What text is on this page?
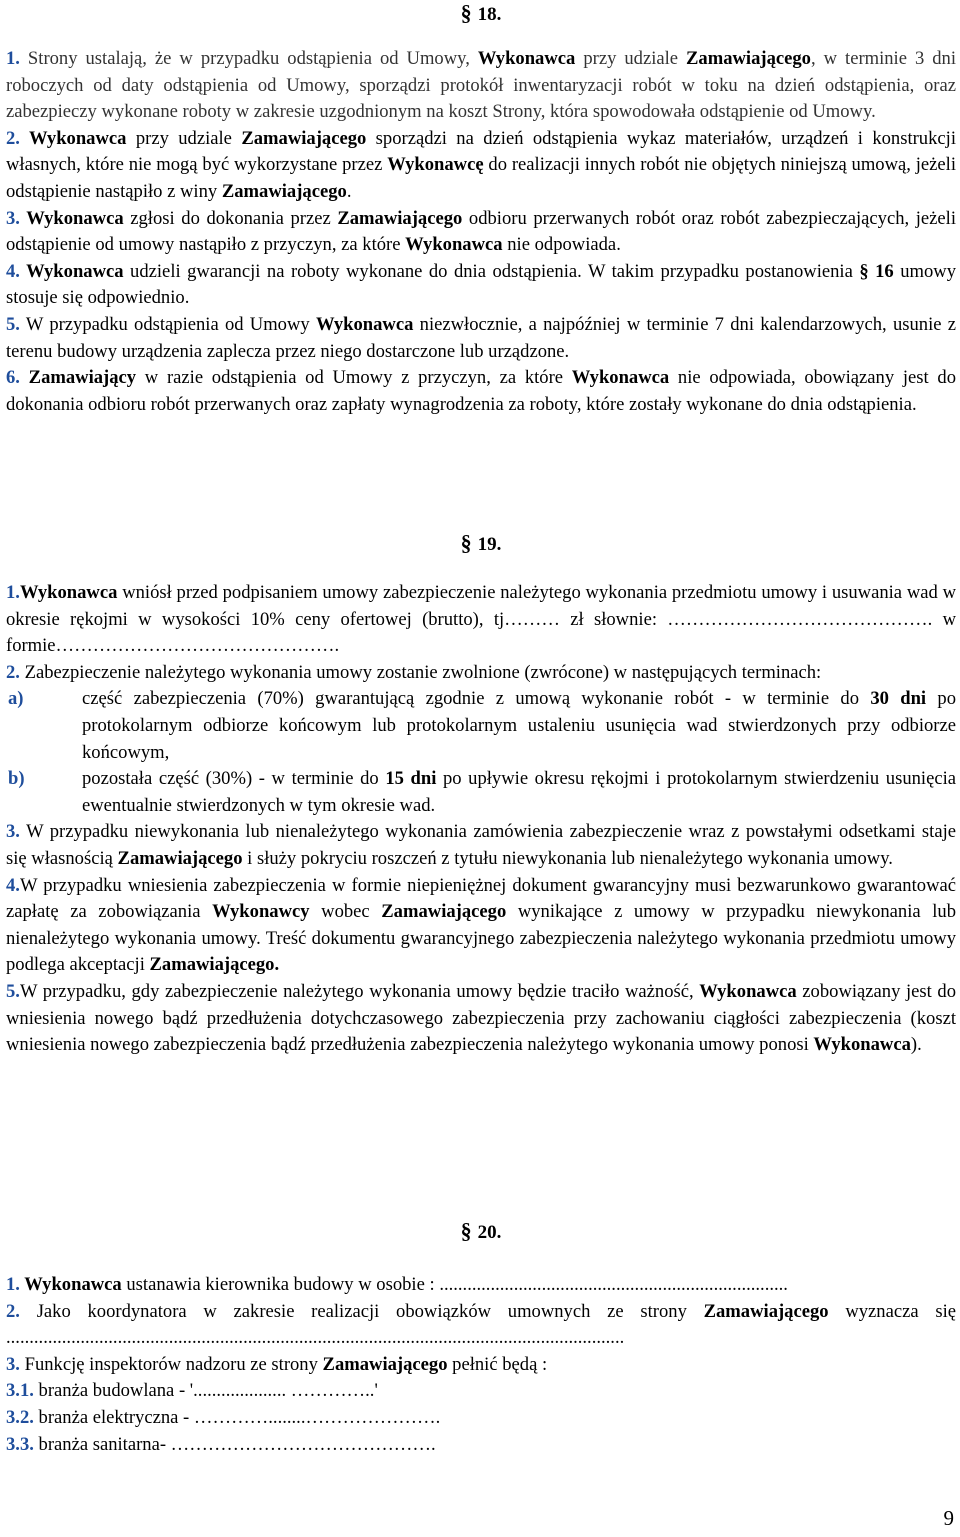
§ 18.

1. Strony ustalają, że w przypadku odstąpienia od Umowy, Wykonawca przy udziale Zamawiającego, w terminie 3 dni roboczych od daty odstąpienia od Umowy, sporządzi protokół inwentaryzacji robót w toku na dzień odstąpienia, oraz zabezpieczy wykonane roboty w zakresie uzgodnionym na koszt Strony, która spowodowała odstąpienie od Umowy.

2. Wykonawca przy udziale Zamawiającego sporządzi na dzień odstąpienia wykaz materiałów, urządzeń i konstrukcji własnych, które nie mogą być wykorzystane przez Wykonawcę do realizacji innych robót nie objętych niniejszą umową, jeżeli odstąpienie nastąpiło z winy Zamawiającego.

3. Wykonawca zgłosi do dokonania przez Zamawiającego odbioru przerwanych robót oraz robót zabezpieczających, jeżeli odstąpienie od umowy nastąpiło z przyczyn, za które Wykonawca nie odpowiada.

4. Wykonawca udzieli gwarancji na roboty wykonane do dnia odstąpienia. W takim przypadku postanowienia § 16 umowy stosuje się odpowiednio.

5. W przypadku odstąpienia od Umowy Wykonawca niezwłocznie, a najpóźniej w terminie 7 dni kalendarzowych, usunie z terenu budowy urządzenia zaplecza przez niego dostarczone lub urządzone.

6. Zamawiający w razie odstąpienia od Umowy z przyczyn, za które Wykonawca nie odpowiada, obowiązany jest do dokonania odbioru robót przerwanych oraz zapłaty wynagrodzenia za roboty, które zostały wykonane do dnia odstąpienia.

§ 19.

1.Wykonawca wniósł przed podpisaniem umowy zabezpieczenie należytego wykonania przedmiotu umowy i usuwania wad w okresie rękojmi w wysokości 10% ceny ofertowej (brutto), tj……… zł słownie: ……………………………………. w formie……………………………………….

2. Zabezpieczenie należytego wykonania umowy zostanie zwolnione (zwrócone) w następujących terminach:

a)	część zabezpieczenia (70%) gwarantującą zgodnie z umową wykonanie robót - w terminie do 30 dni po protokolarnym odbiorze końcowym lub protokolarnym ustaleniu usunięcia wad stwierdzonych przy odbiorze końcowym,
b)	pozostała część (30%) - w terminie do 15 dni po upływie okresu rękojmi i protokolarnym stwierdzeniu usunięcia ewentualnie stwierdzonych w tym okresie wad.

3. W przypadku niewykonania lub nienależytego wykonania zamówienia zabezpieczenie wraz z powstałymi odsetkami staje się własnością Zamawiającego i służy pokryciu roszczeń z tytułu niewykonania lub nienależytego wykonania umowy.

4.W przypadku wniesienia zabezpieczenia w formie niepieniężnej dokument gwarancyjny musi bezwarunkowo gwarantować zapłatę za zobowiązania Wykonawcy wobec Zamawiającego wynikające z umowy w przypadku niewykonania lub nienależytego wykonania umowy. Treść dokumentu gwarancyjnego zabezpieczenia należytego wykonania przedmiotu umowy podlega akceptacji Zamawiającego.

5.W przypadku, gdy zabezpieczenie należytego wykonania umowy będzie traciło ważność, Wykonawca zobowiązany jest do wniesienia nowego bądź przedłużenia dotychczasowego zabezpieczenia przy zachowaniu ciągłości zabezpieczenia (koszt wniesienia nowego zabezpieczenia bądź przedłużenia zabezpieczenia należytego wykonania umowy ponosi Wykonawca).

§ 20.

1. Wykonawca ustanawia kierownika budowy w osobie : ...........................................................................

2. Jako koordynatora w zakresie realizacji obowiązków umownych ze strony Zamawiającego wyznacza się .....................................................................................................................................

3. Funkcję inspektorów nadzoru ze strony Zamawiającego pełnić będą :

3.1. branża budowlana - '.................... …………..'

3.2. branża elektryczna - …………........………………….

3.3. branża sanitarna- …………………………………….

9
